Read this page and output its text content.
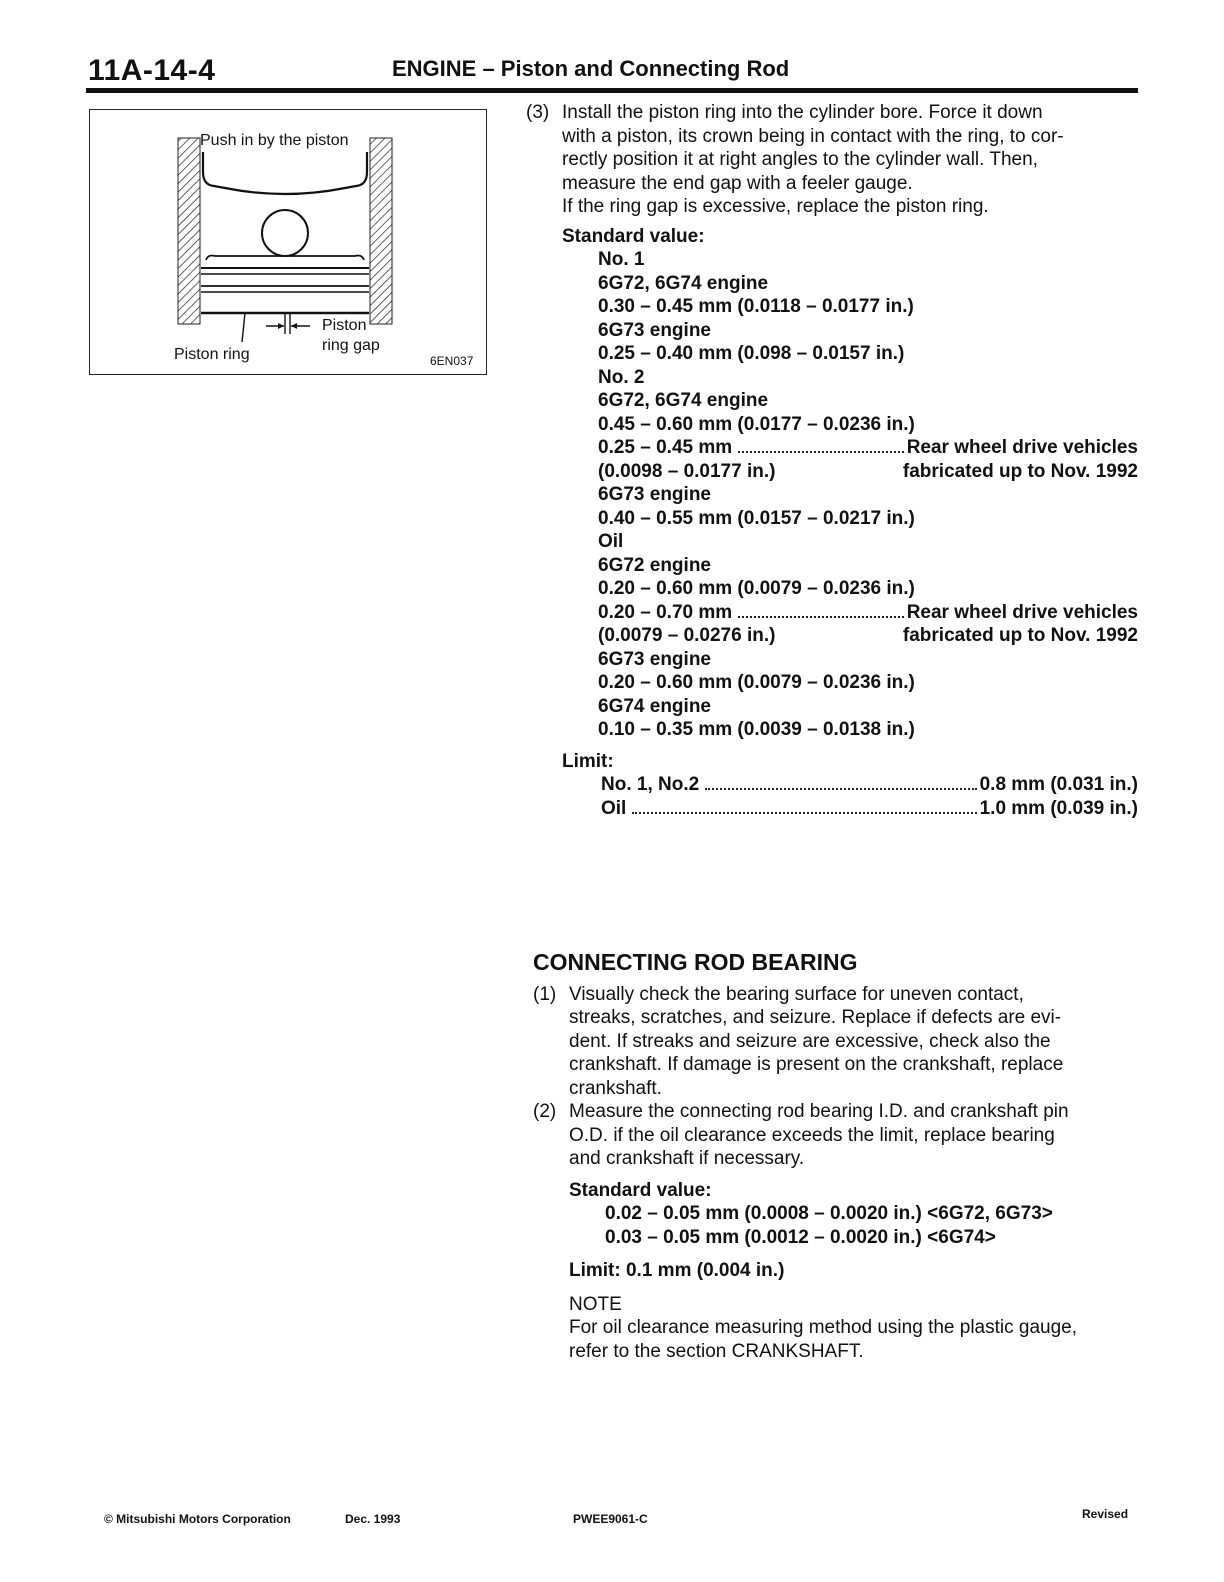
11A-14-4	ENGINE – Piston and Connecting Rod
Push in by the piston
Piston ring
Piston
ring gap
6EN037
(3) Install the piston ring into the cylinder bore. Force it down
with a piston, its crown being in contact with the ring, to cor-
rectly position it at right angles to the cylinder wall. Then,
measure the end gap with a feeler gauge.
If the ring gap is excessive, replace the piston ring.
Standard value:
No. 1
6G72, 6G74 engine
0.30 – 0.45 mm (0.0118 – 0.0177 in.)
6G73 engine
0.25 – 0.40 mm (0.098 – 0.0157 in.)
No. 2
6G72, 6G74 engine
0.45 – 0.60 mm (0.0177 – 0.0236 in.)
0.25 – 0.45 mm	Rear wheel drive vehicles
(0.0098 – 0.0177 in.)	fabricated up to Nov. 1992
6G73 engine
0.40 – 0.55 mm (0.0157 – 0.0217 in.)
Oil
6G72 engine
0.20 – 0.60 mm (0.0079 – 0.0236 in.)
0.20 – 0.70 mm	Rear wheel drive vehicles
(0.0079 – 0.0276 in.)	fabricated up to Nov. 1992
6G73 engine
0.20 – 0.60 mm (0.0079 – 0.0236 in.)
6G74 engine
0.10 – 0.35 mm (0.0039 – 0.0138 in.)
Limit:
No. 1, No.2	0.8 mm (0.031 in.)
Oil	1.0 mm (0.039 in.)
CONNECTING ROD BEARING
(1) Visually check the bearing surface for uneven contact,
streaks, scratches, and seizure. Replace if defects are evi-
dent. If streaks and seizure are excessive, check also the
crankshaft. If damage is present on the crankshaft, replace
crankshaft.
(2) Measure the connecting rod bearing I.D. and crankshaft pin
O.D. if the oil clearance exceeds the limit, replace bearing
and crankshaft if necessary.
Standard value:
0.02 – 0.05 mm (0.0008 – 0.0020 in.) <6G72, 6G73>
0.03 – 0.05 mm (0.0012 – 0.0020 in.) <6G74>
Limit: 0.1 mm (0.004 in.)
NOTE
For oil clearance measuring method using the plastic gauge,
refer to the section CRANKSHAFT.
© Mitsubishi Motors Corporation	Dec. 1993	PWEE9061-C	Revised
